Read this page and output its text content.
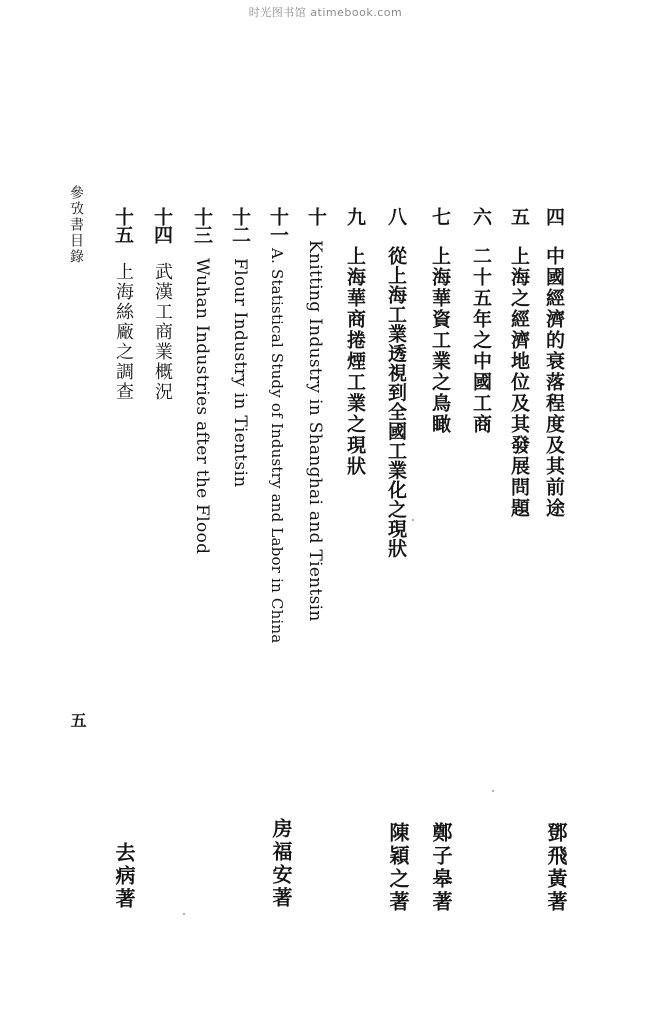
时光图书馆 atimebook.com
四
中國經濟的衰落程度及其前途
鄧飛黃著
五
上海之經濟地位及其發展問題
六
二十五年之中國工商
七
上海華資工業之鳥瞰
鄭子皋著
八
從上海工業透視到全國工業化之現狀
陳穎之著
九
上海華商捲煙工業之現狀
十
Knitting Industry in Shanghai and Tientsin
十一
A. Statistical Study of Industry and Labor in China
房福安著
十二
Flour Industry in Tientsin
十三
Wuhan Industries after the Flood
十四
武漢工商業概況
十五
上海絲廠之調查
去病著
參攷書目錄
五
